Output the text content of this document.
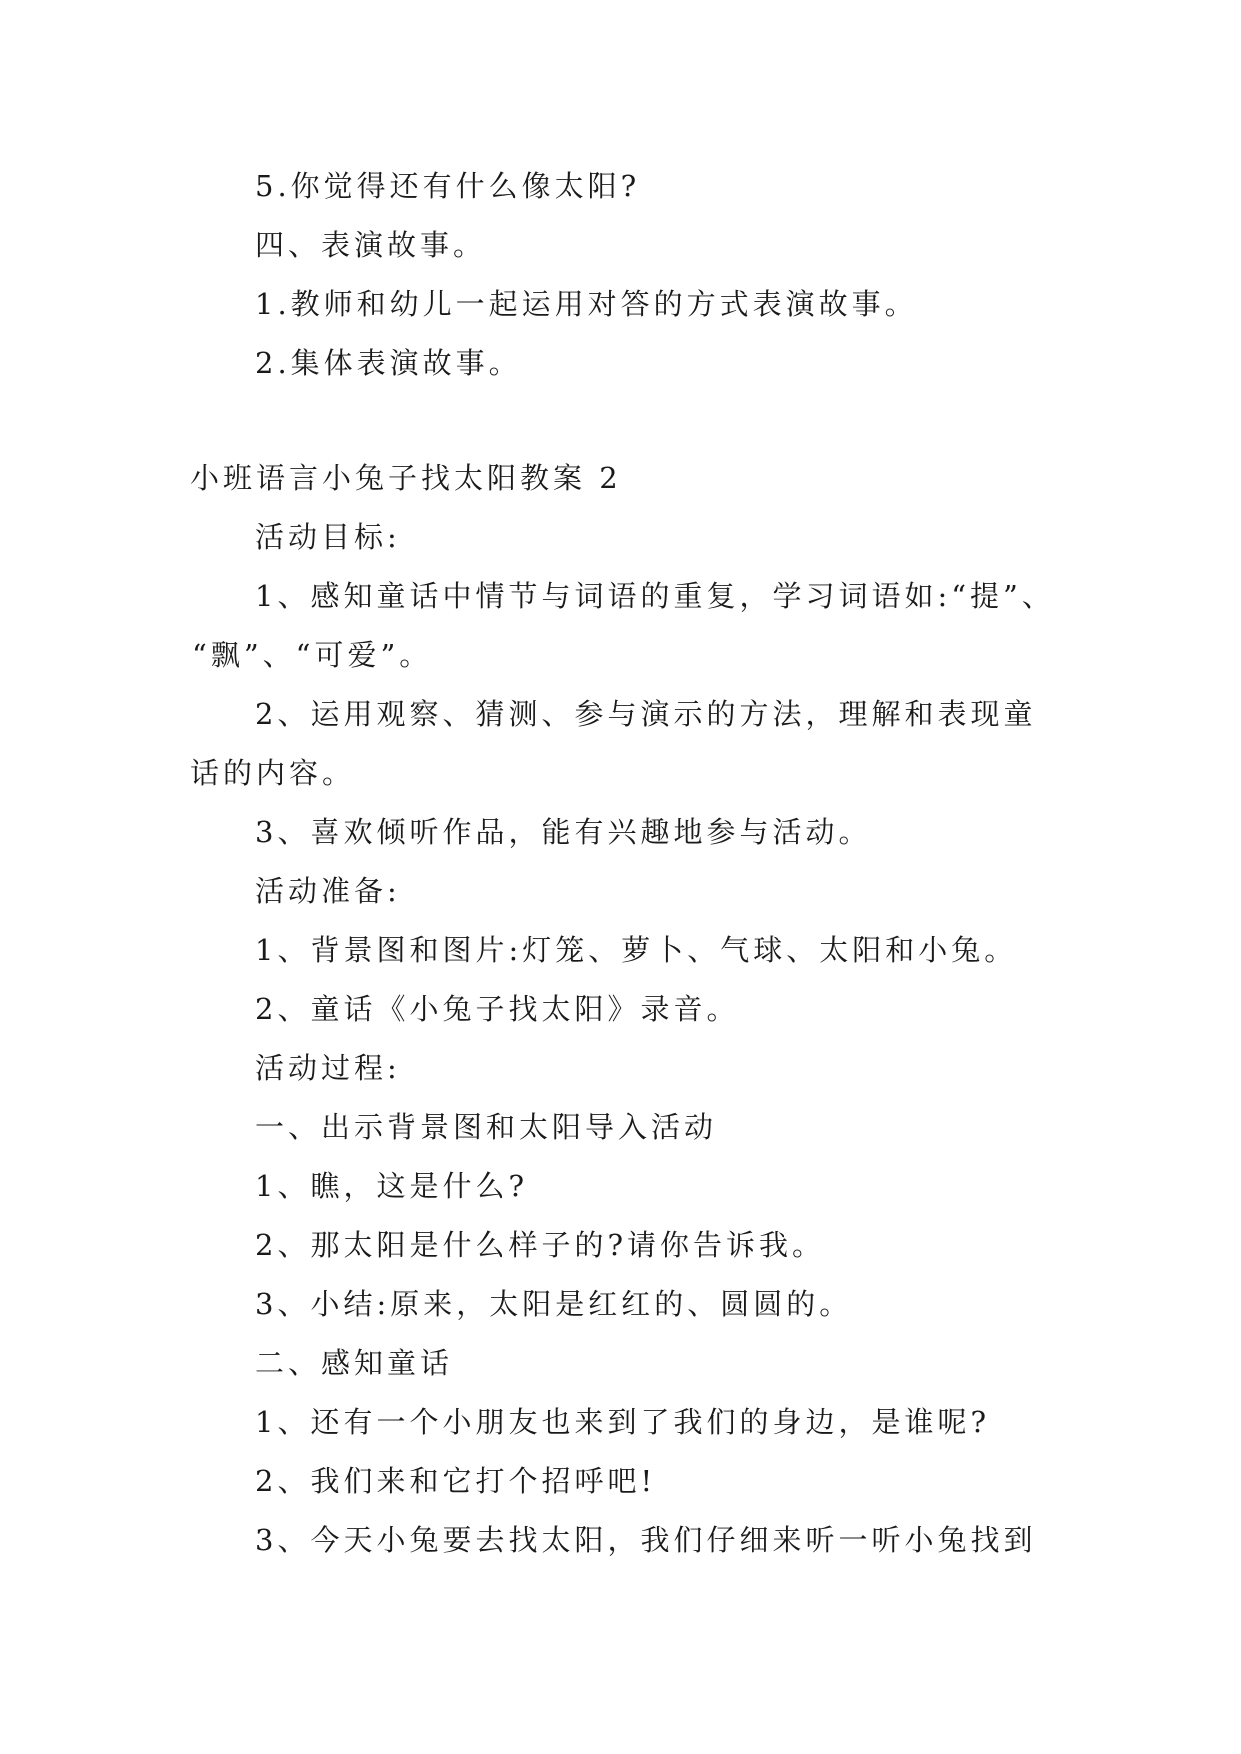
5.你觉得还有什么像太阳?
四、表演故事。
1.教师和幼儿一起运用对答的方式表演故事。
2.集体表演故事。
小班语言小兔子找太阳教案 2
活动目标:
1、感知童话中情节与词语的重复，学习词语如:“提”、
“飘”、“可爱”。
2、运用观察、猜测、参与演示的方法，理解和表现童
话的内容。
3、喜欢倾听作品，能有兴趣地参与活动。
活动准备:
1、背景图和图片:灯笼、萝卜、气球、太阳和小兔。
2、童话《小兔子找太阳》录音。
活动过程:
一、出示背景图和太阳导入活动
1、瞧，这是什么?
2、那太阳是什么样子的?请你告诉我。
3、小结:原来，太阳是红红的、圆圆的。
二、感知童话
1、还有一个小朋友也来到了我们的身边，是谁呢?
2、我们来和它打个招呼吧!
3、今天小兔要去找太阳，我们仔细来听一听小兔找到
